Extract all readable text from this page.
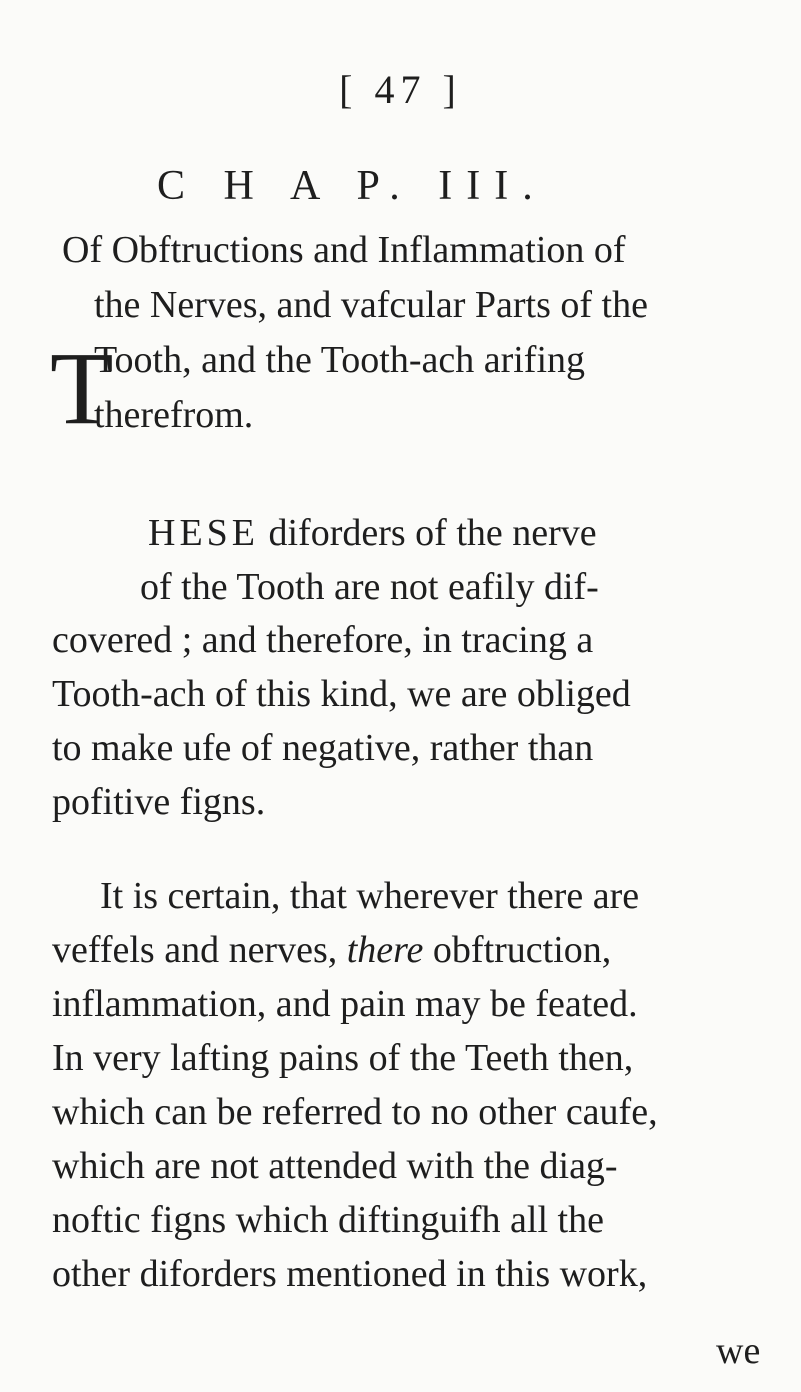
[ 47 ]
C H A P. III.
Of Obftructions and Inflammation of
the Nerves, and vafcular Parts of the
Tooth, and the Tooth-ach arifing
therefrom.
T
HESE diforders of the nerve
of the Tooth are not eafily dif-
covered ; and therefore, in tracing a
Tooth-ach of this kind, we are obliged
to make ufe of negative, rather than
pofitive figns.
It is certain, that wherever there are
veffels and nerves, there obftruction,
inflammation, and pain may be feated.
In very lafting pains of the Teeth then,
which can be referred to no other caufe,
which are not attended with the diag-
noftic figns which diftinguifh all the
other diforders mentioned in this work,
we
